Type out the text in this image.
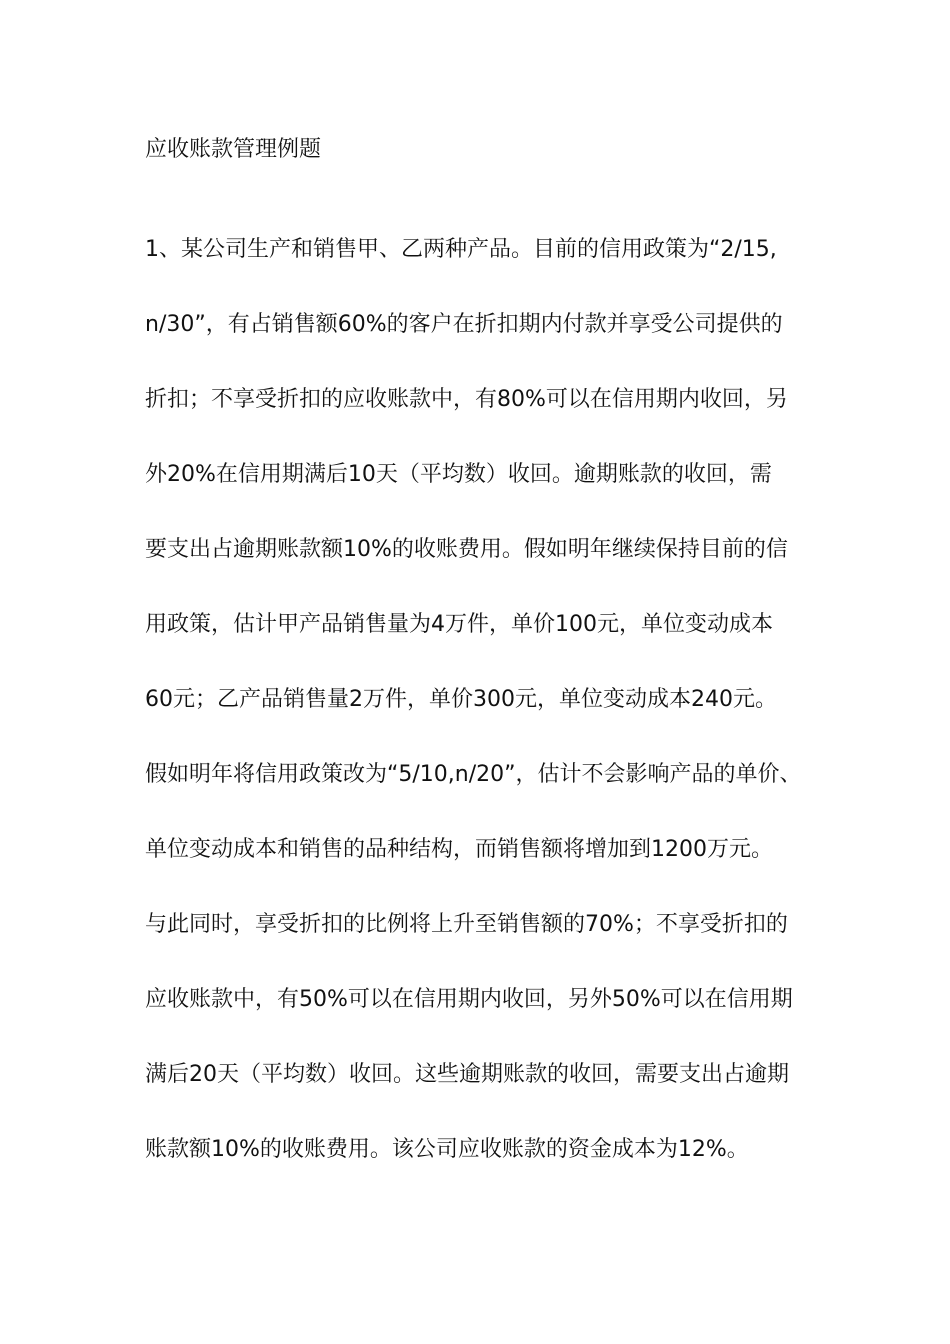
应收账款管理例题
1、某公司生产和销售甲、乙两种产品。目前的信用政策为“2/15,
n/30”，有占销售额60%的客户在折扣期内付款并享受公司提供的
折扣；不享受折扣的应收账款中，有80%可以在信用期内收回，另
外20%在信用期满后10天（平均数）收回。逾期账款的收回，需
要支出占逾期账款额10%的收账费用。假如明年继续保持目前的信
用政策，估计甲产品销售量为4万件，单价100元，单位变动成本
60元；乙产品销售量2万件，单价300元，单位变动成本240元。
假如明年将信用政策改为“5/10,n/20”，估计不会影响产品的单价、
单位变动成本和销售的品种结构，而销售额将增加到1200万元。
与此同时，享受折扣的比例将上升至销售额的70%；不享受折扣的
应收账款中，有50%可以在信用期内收回，另外50%可以在信用期
满后20天（平均数）收回。这些逾期账款的收回，需要支出占逾期
账款额10%的收账费用。该公司应收账款的资金成本为12%。
